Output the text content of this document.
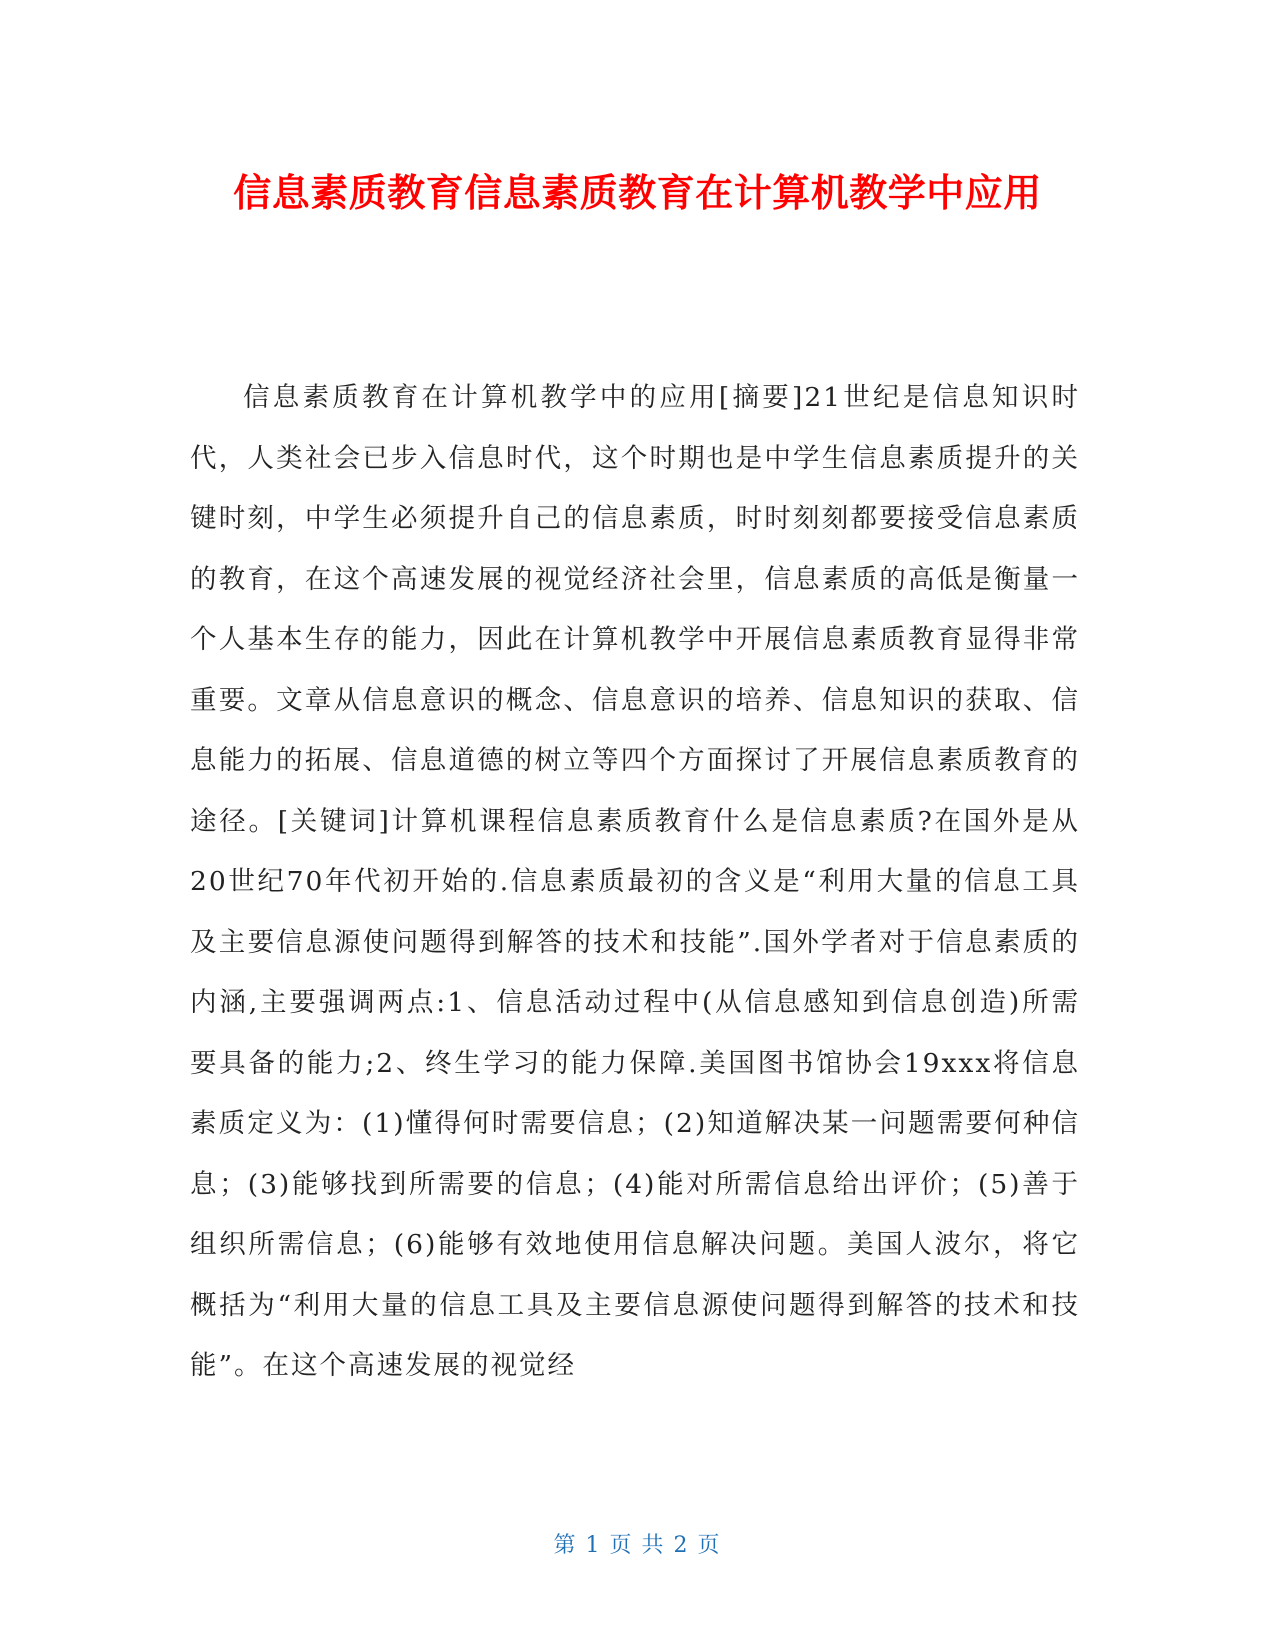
信息素质教育信息素质教育在计算机教学中应用

信息素质教育在计算机教学中的应用[摘要]21世纪是信息知识时代，人类社会已步入信息时代，这个时期也是中学生信息素质提升的关键时刻，中学生必须提升自己的信息素质，时时刻刻都要接受信息素质的教育，在这个高速发展的视觉经济社会里，信息素质的高低是衡量一个人基本生存的能力，因此在计算机教学中开展信息素质教育显得非常重要。文章从信息意识的概念、信息意识的培养、信息知识的获取、信息能力的拓展、信息道德的树立等四个方面探讨了开展信息素质教育的途径。[关键词]计算机课程信息素质教育什么是信息素质?在国外是从20世纪70年代初开始的.信息素质最初的含义是“利用大量的信息工具及主要信息源使问题得到解答的技术和技能”.国外学者对于信息素质的内涵,主要强调两点:1、信息活动过程中(从信息感知到信息创造)所需要具备的能力;2、终生学习的能力保障.美国图书馆协会19xxx将信息素质定义为：(1)懂得何时需要信息；(2)知道解决某一问题需要何种信息；(3)能够找到所需要的信息；(4)能对所需信息给出评价；(5)善于组织所需信息；(6)能够有效地使用信息解决问题。美国人波尔，将它概括为“利用大量的信息工具及主要信息源使问题得到解答的技术和技能”。在这个高速发展的视觉经

第 1 页 共 2 页
